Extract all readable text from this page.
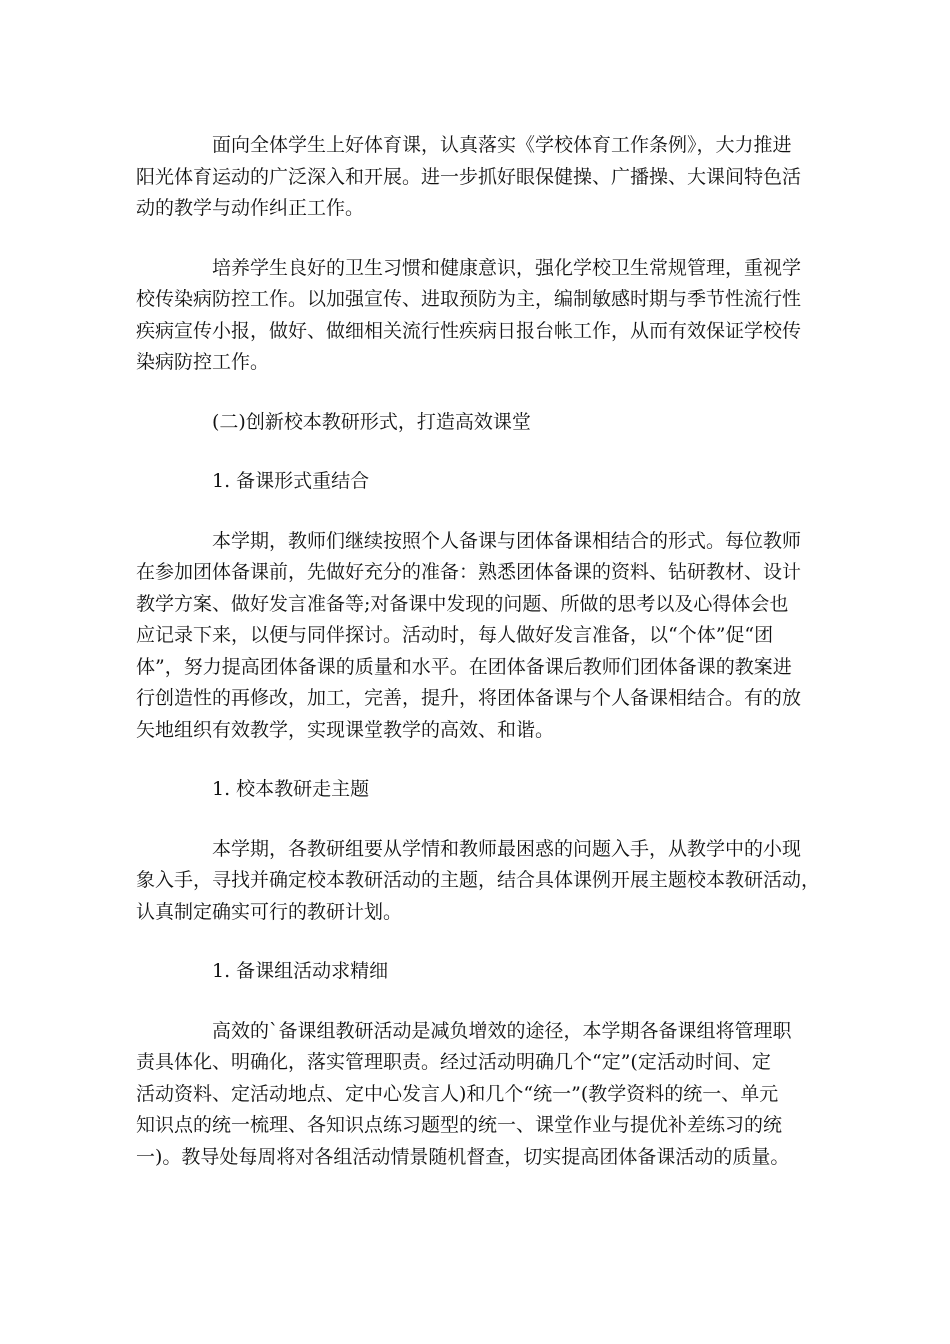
面向全体学生上好体育课，认真落实《学校体育工作条例》，大力推进
阳光体育运动的广泛深入和开展。进一步抓好眼保健操、广播操、大课间特色活
动的教学与动作纠正工作。

培养学生良好的卫生习惯和健康意识，强化学校卫生常规管理，重视学
校传染病防控工作。以加强宣传、进取预防为主，编制敏感时期与季节性流行性
疾病宣传小报，做好、做细相关流行性疾病日报台帐工作，从而有效保证学校传
染病防控工作。

(二)创新校本教研形式，打造高效课堂

1. 备课形式重结合

本学期，教师们继续按照个人备课与团体备课相结合的形式。每位教师
在参加团体备课前，先做好充分的准备：熟悉团体备课的资料、钻研教材、设计
教学方案、做好发言准备等;对备课中发现的问题、所做的思考以及心得体会也
应记录下来，以便与同伴探讨。活动时，每人做好发言准备，以“个体”促“团
体”，努力提高团体备课的质量和水平。在团体备课后教师们团体备课的教案进
行创造性的再修改，加工，完善，提升，将团体备课与个人备课相结合。有的放
矢地组织有效教学，实现课堂教学的高效、和谐。

1. 校本教研走主题

本学期，各教研组要从学情和教师最困惑的问题入手，从教学中的小现
象入手，寻找并确定校本教研活动的主题，结合具体课例开展主题校本教研活动，
认真制定确实可行的教研计划。

1. 备课组活动求精细

高效的`备课组教研活动是减负增效的途径，本学期各备课组将管理职
责具体化、明确化，落实管理职责。经过活动明确几个“定”(定活动时间、定
活动资料、定活动地点、定中心发言人)和几个“统一”(教学资料的统一、单元
知识点的统一梳理、各知识点练习题型的统一、课堂作业与提优补差练习的统
一)。教导处每周将对各组活动情景随机督查，切实提高团体备课活动的质量。
